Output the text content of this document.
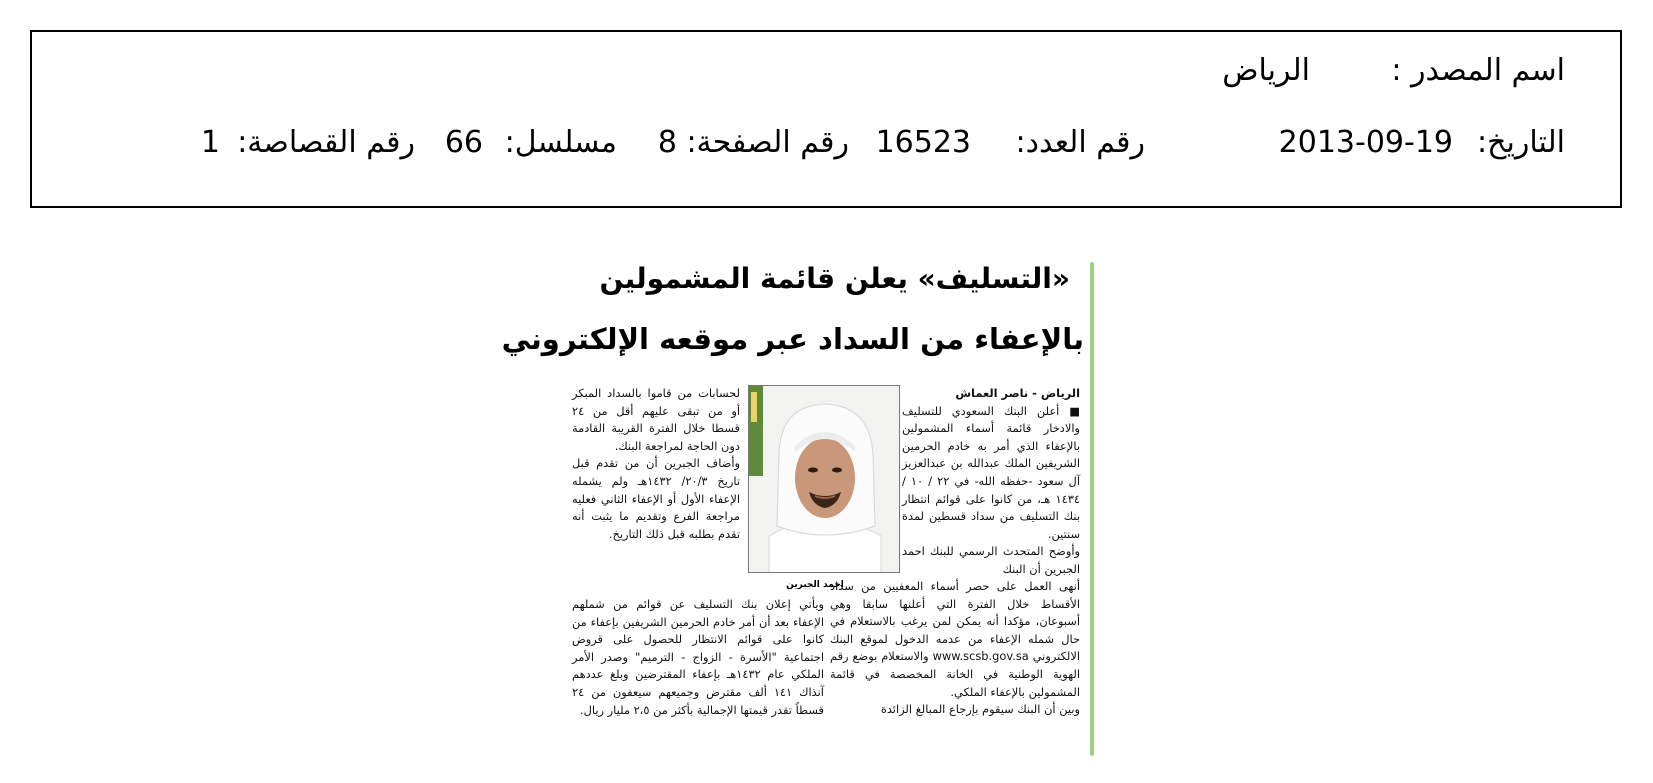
اسم المصدر :
الرياض
التاريخ:
2013-09-19
رقم العدد:
16523
رقم الصفحة:
8
مسلسل:
66
رقم القصاصة:
1
«التسليف» يعلن قائمة المشمولين
بالإعفاء من السداد عبر موقعه الإلكتروني

الرياض - ناصر العماش

■ أعلن البنك السعودي للتسليف والادخار قائمة أسماء المشمولين بالإعفاء الذي أمر به خادم الحرمين الشريفين الملك عبدالله بن عبدالعزيز آل سعود -حفظه الله- في ٢٢ / ١٠ / ١٤٣٤ هـ، من كانوا على قوائم انتظار بنك التسليف من سداد قسطين لمدة سنتين.

وأوضح المتحدث الرسمي للبنك احمد الجبرين أن البنك

احمد الجبرين

أنهى العمل على حصر أسماء المعفيين من سداد الأقساط خلال الفترة التي أعلنها سابقا وهي أسبوعان، مؤكدا أنه يمكن لمن يرغب بالاستعلام في حال شمله الإعفاء من عدمه الدخول لموقع البنك الالكتروني www.scsb.gov.sa والاستعلام بوضع رقم الهوية الوطنية في الخانة المخصصة في قائمة المشمولين بالإعفاء الملكي.

وبين أن البنك سيقوم بإرجاع المبالغ الزائدة

لحسابات من قاموا بالسداد المبكر أو من تبقى عليهم أقل من ٢٤ قسطا خلال الفترة القريبة القادمة دون الحاجة لمراجعة البنك.

وأضاف الجبرين أن من تقدم قبل تاريخ ٢٠/٣/ ١٤٣٢هـ ولم يشمله الإعفاء الأول أو الإعفاء الثاني فعليه مراجعة الفرع وتقديم ما يثبت أنه تقدم بطلبه قبل ذلك التاريخ.

ويأتي إعلان بنك التسليف عن قوائم من شملهم الإعفاء بعد أن أمر خادم الحرمين الشريفين بإعفاء من كانوا على قوائم الانتظار للحصول على قروض اجتماعية "الأسرة - الزواج - الترميم" وصدر الأمر الملكي عام ١٤٣٢هـ بإعفاء المقترضين وبلغ عددهم آنذاك ١٤١ ألف مقترض وجميعهم سيعفون من ٢٤ قسطاً تقدر قيمتها الإجمالية بأكثر من ٢،٥ مليار ريال.
